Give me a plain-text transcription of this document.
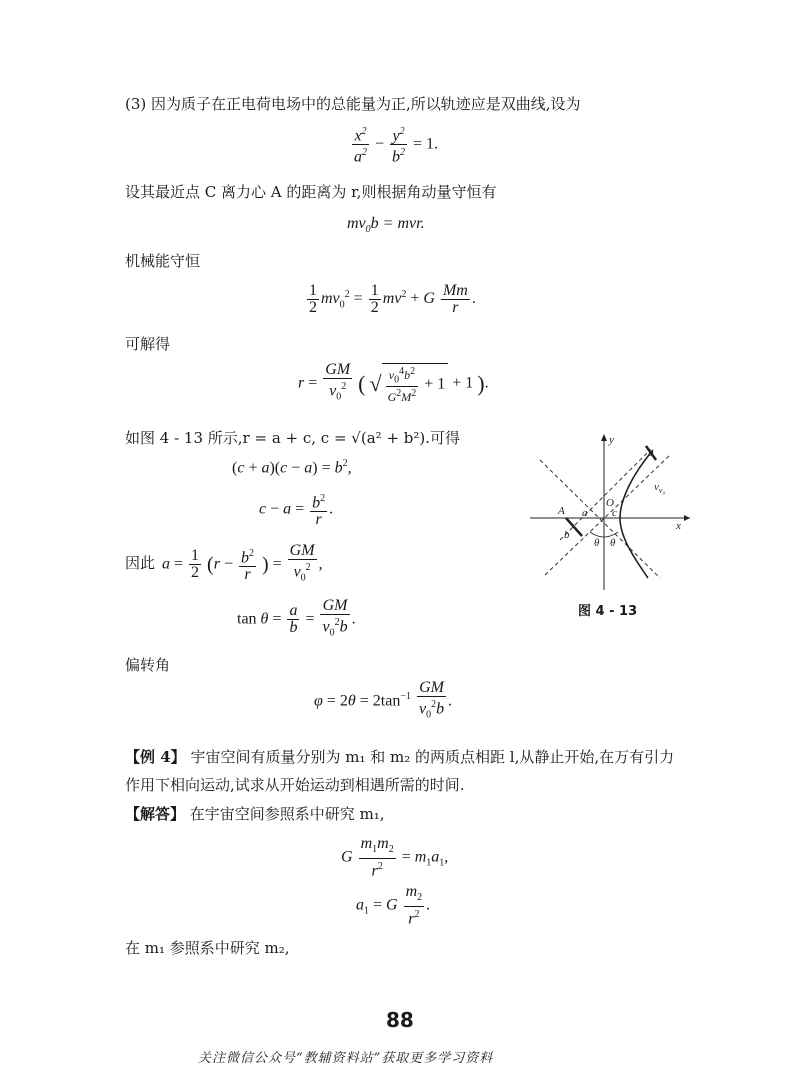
(3) 因为质子在正电荷电场中的总能量为正,所以轨迹应是双曲线,设为
$\frac{x^2}{a^2} - \frac{y^2}{b^2} = 1$.
设其最近点 C 离力心 A 的距离为 r,则根据角动量守恒有
$mv_0b$ = mvr.
机械能守恒
$\frac{1}{2} mv_0^2 = \frac{1}{2} mv^2 + G \frac{Mm}{r}$ .
可解得
$r = \frac{GM}{v_0^2}$ ( √ $\frac{v_0^4b^2}{G^2M^2} + 1 + 1$ ).
如图 4 - 13 所示,r = a + c, c = √(a² + b²).可得
$(c + a)(c - a) = b^2$,
$c - a = \frac{b^2}{r}$ .
因此 $a = \frac{1}{2} (r - \frac{b^2}{r}$ ) = $\frac{GM}{v_0^2}$ ,
$\tan \theta = \frac{a}{b} = \frac{GM}{v_0^2b}$ .
偏转角
$\varphi = 2\theta = 2\tan^{-1} \frac{GM}{v_0^2b}$ .
【例 4】 宇宙空间有质量分别为 m₁ 和 m₂ 的两质点相距 l,从静止开始,在万有引力
作用下相向运动,试求从开始运动到相遇所需的时间.
【解答】 在宇宙空间参照系中研究 m₁,
G $\frac{m_1m_2}{r^2} = m_1a_1$,
$a_1 = G \frac{m_2}{r^2}$ .
在 m₁ 参照系中研究 m₂,
y
x
b
$v_{v_0}$
O
A a c
b
θ θ
图 4 - 13
88
关注微信公众号“教辅资料站”获取更多学习资料
